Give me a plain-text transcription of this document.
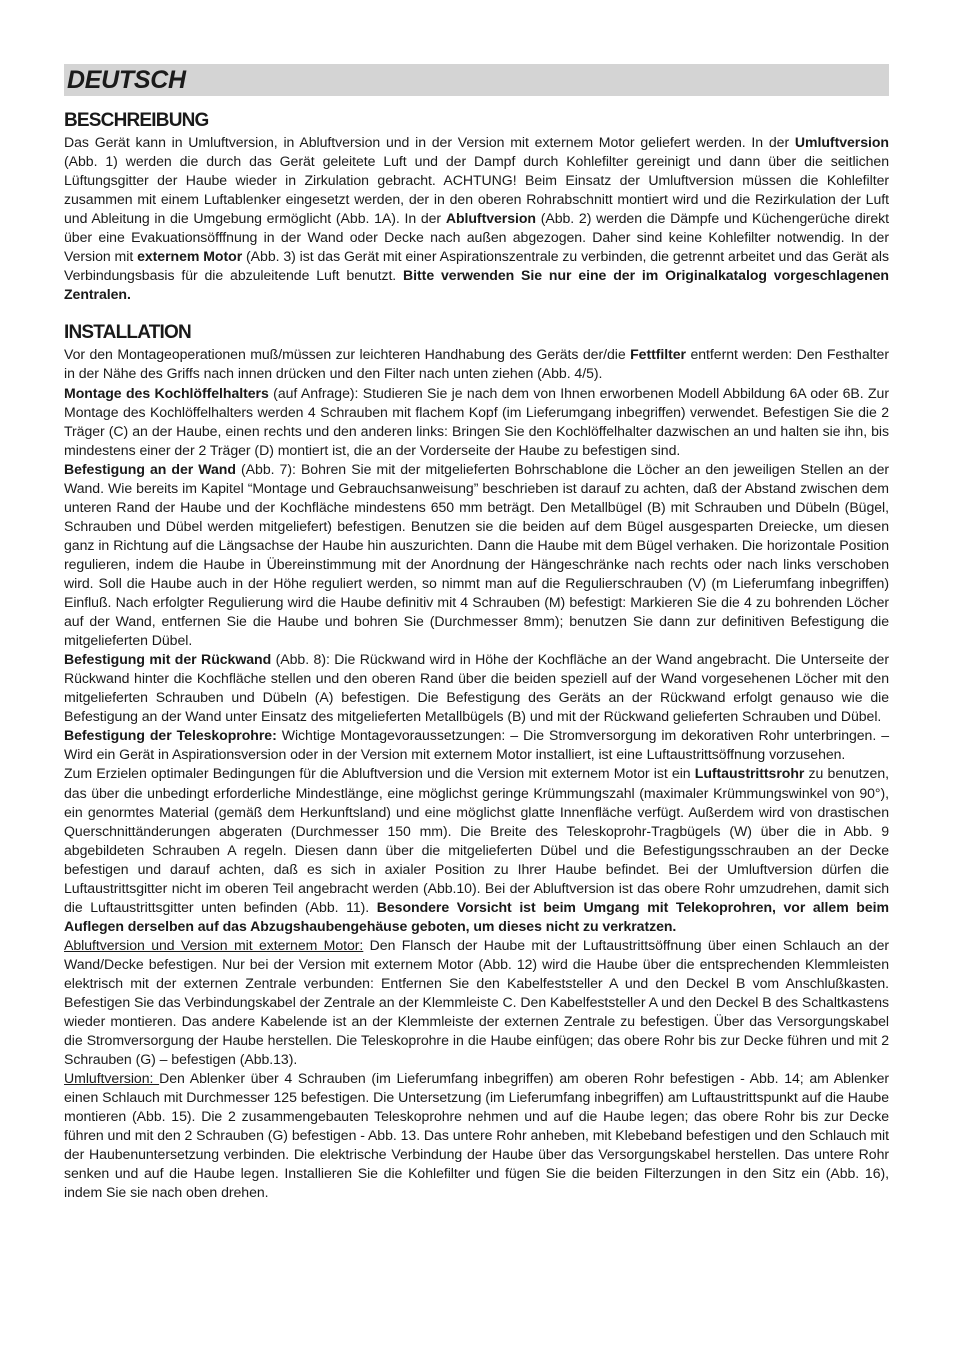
DEUTSCH
BESCHREIBUNG

Das Gerät kann in Umluftversion, in Abluftversion und in der Version mit externem Motor geliefert werden. In der Umluftversion (Abb. 1) werden die durch das Gerät geleitete Luft und der Dampf durch Kohlefilter gereinigt und dann über die seitlichen Lüftungsgitter der Haube wieder in Zirkulation gebracht. ACHTUNG! Beim Einsatz der Umluftversion müssen die Kohlefilter zusammen mit einem Luftablenker eingesetzt werden, der in den oberen Rohrabschnitt montiert wird und die Rezirkulation der Luft und Ableitung in die Umgebung ermöglicht (Abb. 1A). In der Abluftversion (Abb. 2) werden die Dämpfe und Küchengerüche direkt über eine Evakuationsöfffnung in der Wand oder Decke nach außen abgezogen. Daher sind keine Kohlefilter notwendig. In der Version mit externem Motor (Abb. 3) ist das Gerät mit einer Aspirationszentrale zu verbinden, die getrennt arbeitet und das Gerät als Verbindungsbasis für die abzuleitende Luft benutzt. Bitte verwenden Sie nur eine der im Originalkatalog vorgeschlagenen Zentralen.

INSTALLATION

Vor den Montageoperationen muß/müssen zur leichteren Handhabung des Geräts der/die Fettfilter entfernt werden: Den Festhalter in der Nähe des Griffs nach innen drücken und den Filter nach unten ziehen (Abb. 4/5).

Montage des Kochlöffelhalters (auf Anfrage): Studieren Sie je nach dem von Ihnen erworbenen Modell Abbildung 6A oder 6B. Zur Montage des Kochlöffelhalters werden 4 Schrauben mit flachem Kopf (im Lieferumgang inbegriffen) verwendet. Befestigen Sie die 2 Träger (C) an der Haube, einen rechts und den anderen links: Bringen Sie den Kochlöffelhalter dazwischen an und halten sie ihn, bis mindestens einer der 2 Träger (D) montiert ist, die an der Vorderseite der Haube zu befestigen sind.

Befestigung an der Wand (Abb. 7): Bohren Sie mit der mitgelieferten Bohrschablone die Löcher an den jeweiligen Stellen an der Wand. Wie bereits im Kapitel “Montage und Gebrauchsanweisung” beschrieben ist darauf zu achten, daß der Abstand zwischen dem unteren Rand der Haube und der Kochfläche mindestens 650 mm beträgt. Den Metallbügel (B) mit Schrauben und Dübeln (Bügel, Schrauben und Dübel werden mitgeliefert) befestigen. Benutzen sie die beiden auf dem Bügel ausgesparten Dreiecke, um diesen ganz in Richtung auf die Längsachse der Haube hin auszurichten. Dann die Haube mit dem Bügel verhaken. Die horizontale Position regulieren, indem die Haube in Übereinstimmung mit der Anordnung der Hängeschränke nach rechts oder nach links verschoben wird. Soll die Haube auch in der Höhe reguliert werden, so nimmt man auf die Regulierschrauben (V) (m Lieferumfang inbegriffen) Einfluß. Nach erfolgter Regulierung wird die Haube definitiv mit 4 Schrauben (M) befestigt: Markieren Sie die 4 zu bohrenden Löcher auf der Wand, entfernen Sie die Haube und bohren Sie (Durchmesser 8mm); benutzen Sie dann zur definitiven Befestigung die mitgelieferten Dübel.

Befestigung mit der Rückwand (Abb. 8): Die Rückwand wird in Höhe der Kochfläche an der Wand angebracht. Die Unterseite der Rückwand hinter die Kochfläche stellen und den oberen Rand über die beiden speziell auf der Wand vorgesehenen Löcher mit den mitgelieferten Schrauben und Dübeln (A) befestigen. Die Befestigung des Geräts an der Rückwand erfolgt genauso wie die Befestigung an der Wand unter Einsatz des mitgelieferten Metallbügels (B) und mit der Rückwand gelieferten Schrauben und Dübel.

Befestigung der Teleskoprohre: Wichtige Montagevoraussetzungen: – Die Stromversorgung im dekorativen Rohr unterbringen. – Wird ein Gerät in Aspirationsversion oder in der Version mit externem Motor installiert, ist eine Luftaustrittsöffnung vorzusehen.

Zum Erzielen optimaler Bedingungen für die Abluftversion und die Version mit externem Motor ist ein Luftaustrittsrohr zu benutzen, das über die unbedingt erforderliche Mindestlänge, eine möglichst geringe Krümmungszahl (maximaler Krümmungswinkel von 90°), ein genormtes Material (gemäß dem Herkunftsland) und eine möglichst glatte Innenfläche verfügt. Außerdem wird von drastischen Querschnittänderungen abgeraten (Durchmesser 150 mm). Die Breite des Teleskoprohr-Tragbügels (W) über die in Abb. 9 abgebildeten Schrauben A regeln. Diesen dann über die mitgelieferten Dübel und die Befestigungsschrauben an der Decke befestigen und darauf achten, daß es sich in axialer Position zu Ihrer Haube befindet. Bei der Umluftversion dürfen die Luftaustrittsgitter nicht im oberen Teil angebracht werden (Abb.10). Bei der Abluftversion ist das obere Rohr umzudrehen, damit sich die Luftaustrittsgitter unten befinden (Abb. 11). Besondere Vorsicht ist beim Umgang mit Telekoprohren, vor allem beim Auflegen derselben auf das Abzugshaubengehäuse geboten, um dieses nicht zu verkratzen.

Abluftversion und Version mit externem Motor: Den Flansch der Haube mit der Luftaustrittsöffnung über einen Schlauch an der Wand/Decke befestigen. Nur bei der Version mit externem Motor (Abb. 12) wird die Haube über die entsprechenden Klemmleisten elektrisch mit der externen Zentrale verbunden: Entfernen Sie den Kabelfeststeller A und den Deckel B vom Anschlußkasten. Befestigen Sie das Verbindungskabel der Zentrale an der Klemmleiste C. Den Kabelfeststeller A und den Deckel B des Schaltkastens wieder montieren. Das andere Kabelende ist an der Klemmleiste der externen Zentrale zu befestigen. Über das Versorgungskabel die Stromversorgung der Haube herstellen. Die Teleskoprohre in die Haube einfügen; das obere Rohr bis zur Decke führen und mit 2 Schrauben (G) – befestigen (Abb.13).

Umluftversion: Den Ablenker über 4 Schrauben (im Lieferumfang inbegriffen) am oberen Rohr befestigen - Abb. 14; am Ablenker einen Schlauch mit Durchmesser 125 befestigen. Die Untersetzung (im Lieferumfang inbegriffen) am Luftaustrittspunkt auf die Haube montieren (Abb. 15). Die 2 zusammengebauten Teleskoprohre nehmen und auf die Haube legen; das obere Rohr bis zur Decke führen und mit den 2 Schrauben (G) befestigen - Abb. 13. Das untere Rohr anheben, mit Klebeband befestigen und den Schlauch mit der Haubenuntersetzung verbinden. Die elektrische Verbindung der Haube über das Versorgungskabel herstellen. Das untere Rohr senken und auf die Haube legen. Installieren Sie die Kohlefilter und fügen Sie die beiden Filterzungen in den Sitz ein (Abb. 16), indem Sie sie nach oben drehen.
